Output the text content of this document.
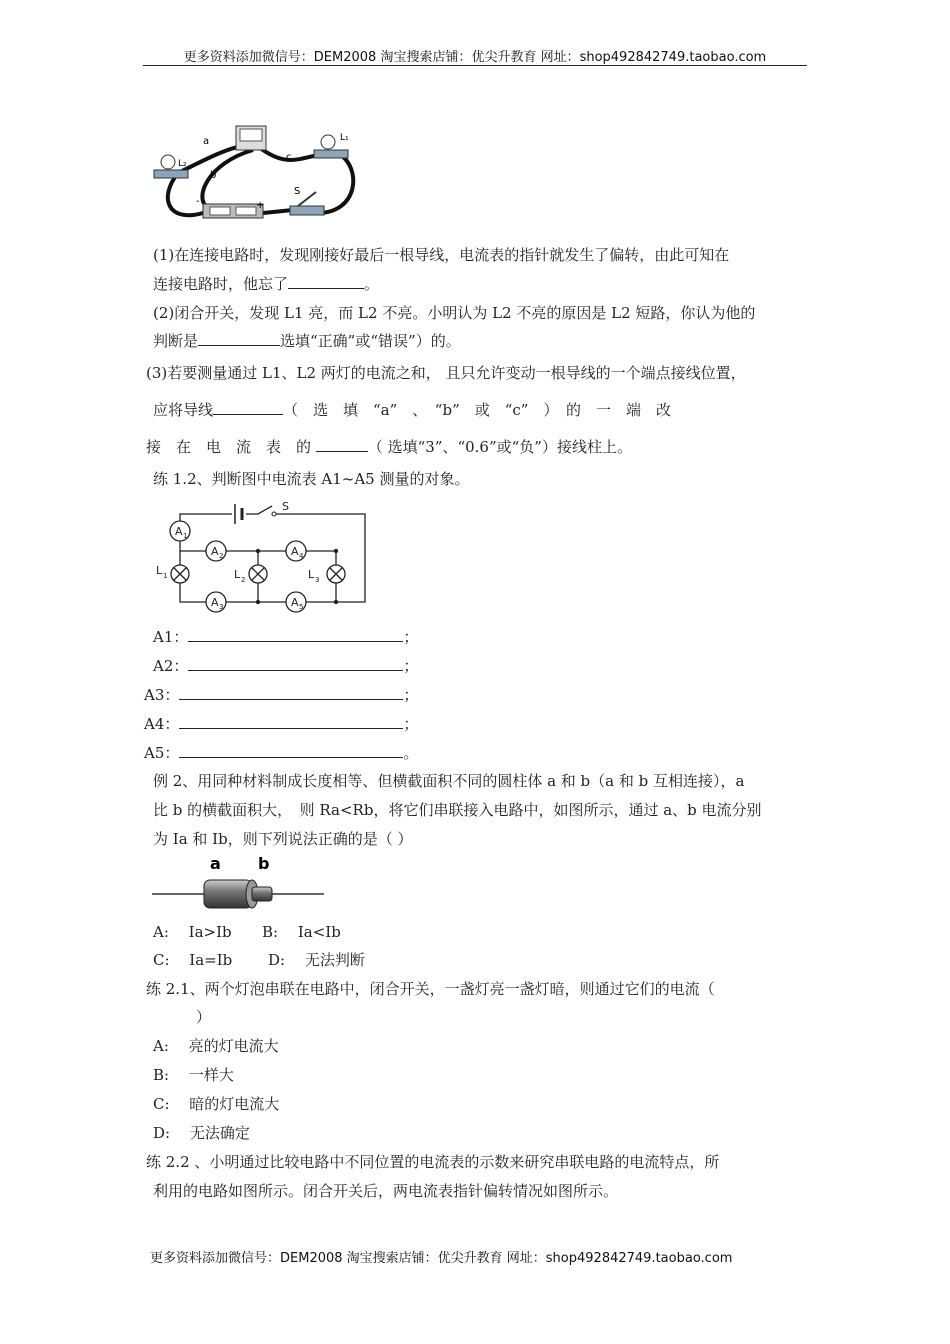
更多资料添加微信号：DEM2008 淘宝搜索店铺：优尖升教育 网址：shop492842749.taobao.com
L₂
L₁
-	+
S
a
b
c
(1)在连接电路时，发现刚接好最后一根导线，电流表的指针就发生了偏转，由此可知在
连接电路时，他忘了	。
(2)闭合开关，发现 L1 亮，而 L2 不亮。小明认为 L2 不亮的原因是 L2 短路，你认为他的
判断是	选填“正确”或“错误”）的。
(3)若要测量通过 L1、L2 两灯的电流之和， 且只允许变动一根导线的一个端点接线位置，
应将导线	（　选　填　“a”　、　“b”　或　“c”　）　的　一　端　改
接　在　电　流　表　的	（ 选填“3”、“0.6”或“负”）接线柱上。
练 1.2、判断图中电流表 A1~A5 测量的对象。
A 1
A 2	A 4
A 3	A 5
L 1	L 2	L 3
S
A1：	；
A2：	；
A3：	；
A4：	；
A5：	。
例 2、用同种材料制成长度相等、但横截面积不同的圆柱体 a 和 b（a 和 b 互相连接），a
比 b 的横截面积大，　则 Ra<Rb，将它们串联接入电路中，如图所示，通过 a、b 电流分别
为 Ia 和 Ib，则下列说法正确的是（ ）
a b
A:　 Ia>Ib B:　 Ia<Ib
C:　 Ia=Ib D:　 无法判断
练 2.1、两个灯泡串联在电路中，闭合开关，一盏灯亮一盏灯暗，则通过它们的电流（
）
A:　 亮的灯电流大
B:　 一样大
C:　 暗的灯电流大
D:　 无法确定
练 2.2 、小明通过比较电路中不同位置的电流表的示数来研究串联电路的电流特点，所
利用的电路如图所示。闭合开关后，两电流表指针偏转情况如图所示。
更多资料添加微信号：DEM2008 淘宝搜索店铺：优尖升教育 网址：shop492842749.taobao.com
